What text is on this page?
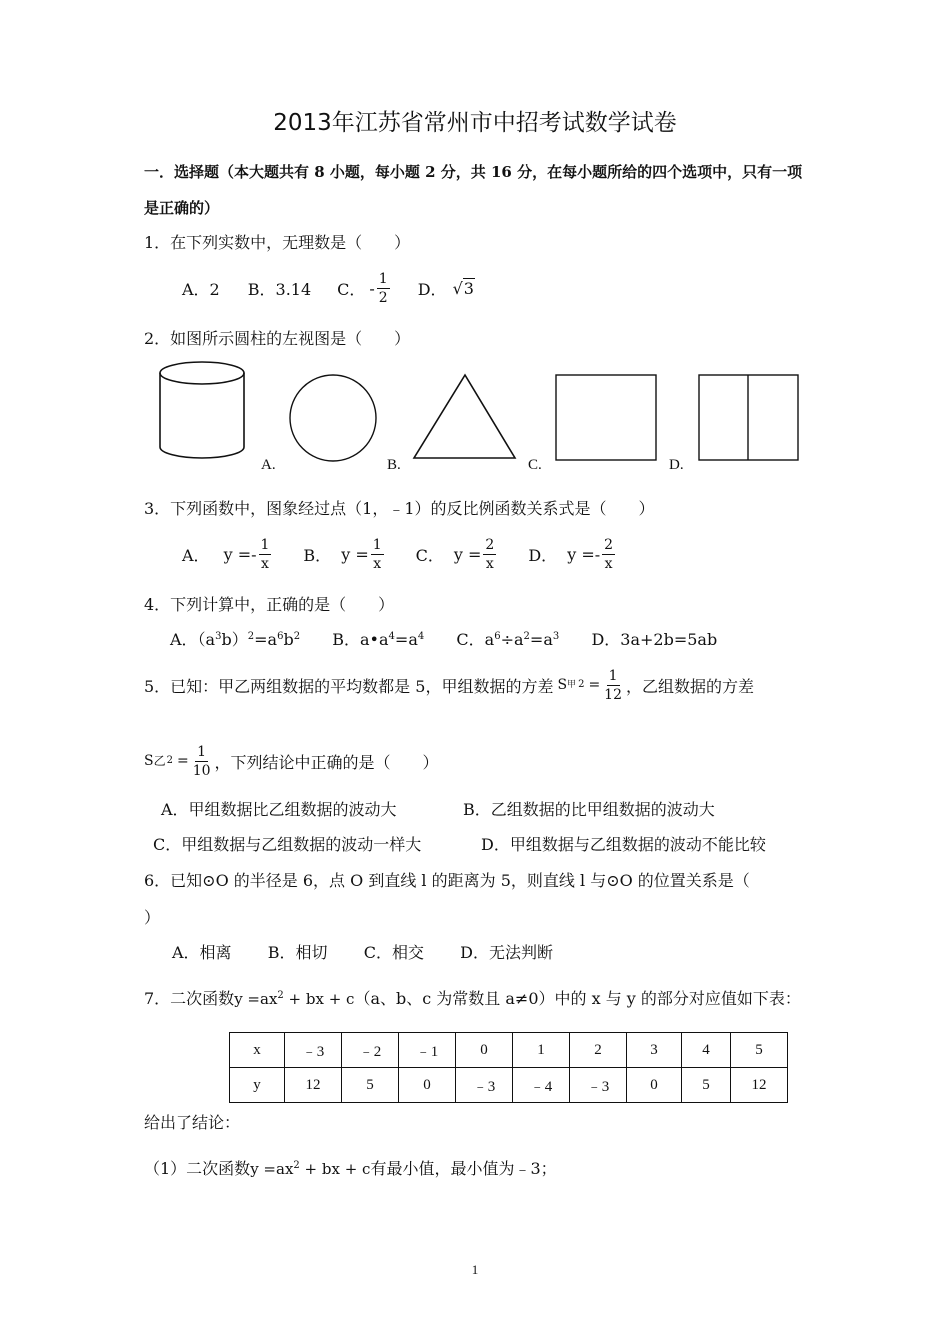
2013年江苏省常州市中招考试数学试卷
一．选择题（本大题共有 8 小题，每小题 2 分，共 16 分，在每小题所给的四个选项中，只有一项
是正确的）
1．在下列实数中，无理数是（　　）
A．2 B．3.14 C． - $\frac{1}{2}$ D． √ 3
2．如图所示圆柱的左视图是（　　）
A.	B.	C.	D.
3．下列函数中，图象经过点（1，﹣1）的反比例函数关系式是（　　）
A． $y =- \frac{1}{x}$ B． $y = \frac{1}{x}$ C． $y = \frac{2}{x}$ D． $y =- \frac{2}{x}$
4．下列计算中，正确的是（　　）
A．$(a^3b)^2=a^6b^2$ B．$a•a^4=a^4$ C．$a^6\div a^2=a^3$ D．3a+2b=5ab
5．已知：甲乙两组数据的平均数都是 5，甲组数据的方差 S 甲 $2 = \frac{1}{12}$ ，乙组数据的方差
S 乙 $2 = \frac{1}{10}$ ，下列结论中正确的是（　　）
A．甲组数据比乙组数据的波动大	B．乙组数据的比甲组数据的波动大
C．甲组数据与乙组数据的波动一样大	D．甲组数据与乙组数据的波动不能比较
6．已知⊙O 的半径是 6，点 O 到直线 l 的距离为 5，则直线 l 与⊙O 的位置关系是（
）
A．相离 B．相切 C．相交 D．无法判断
7．二次函数$y =ax^2$ + bx + c（a、b、c 为常数且 a≠0）中的 x 与 y 的部分对应值如下表：
x	﹣3	﹣2	﹣1	0	1	2	3	4	5
y	12	5	0	﹣3	﹣4	﹣3	0	5	12
给出了结论：
（1）二次函数$y =ax^2$ + bx + c有最小值，最小值为﹣3；
1
